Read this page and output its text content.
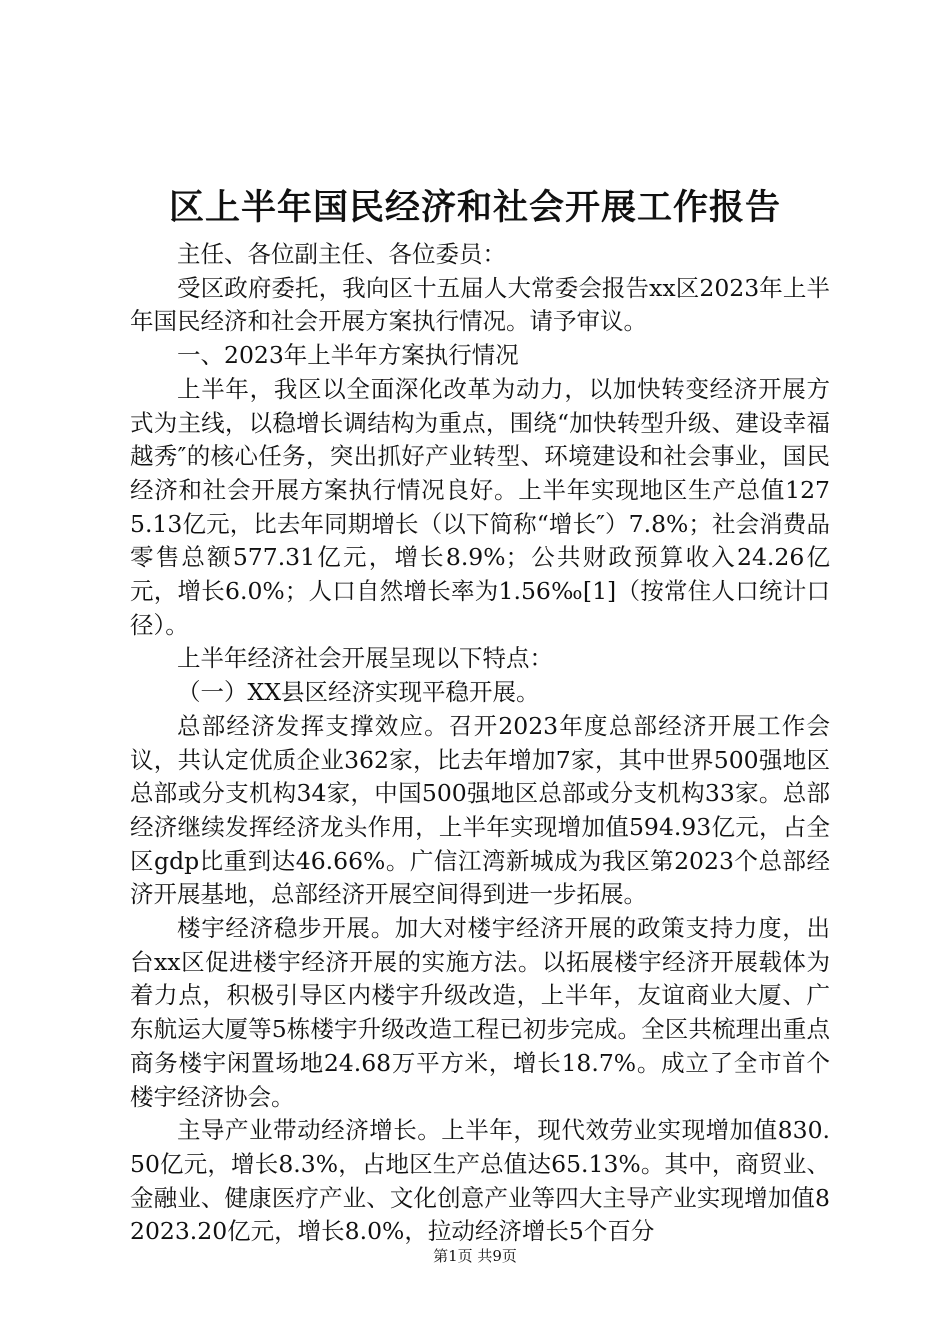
区上半年国民经济和社会开展工作报告

主任、各位副主任、各位委员：

受区政府委托，我向区十五届人大常委会报告xx区2023年上半年国民经济和社会开展方案执行情况。请予审议。

一、2023年上半年方案执行情况

上半年，我区以全面深化改革为动力，以加快转变经济开展方式为主线，以稳增长调结构为重点，围绕“加快转型升级、建设幸福越秀″的核心任务，突出抓好产业转型、环境建设和社会事业，国民经济和社会开展方案执行情况良好。上半年实现地区生产总值1275.13亿元，比去年同期增长（以下简称“增长″）7.8%；社会消费品零售总额577.31亿元，增长8.9%；公共财政预算收入24.26亿元，增长6.0%；人口自然增长率为1.56‰[1]（按常住人口统计口径）。

上半年经济社会开展呈现以下特点：

（一）XX县区经济实现平稳开展。

总部经济发挥支撑效应。召开2023年度总部经济开展工作会议，共认定优质企业362家，比去年增加7家，其中世界500强地区总部或分支机构34家，中国500强地区总部或分支机构33家。总部经济继续发挥经济龙头作用，上半年实现增加值594.93亿元，占全区gdp比重到达46.66%。广信江湾新城成为我区第2023个总部经济开展基地，总部经济开展空间得到进一步拓展。

楼宇经济稳步开展。加大对楼宇经济开展的政策支持力度，出台xx区促进楼宇经济开展的实施方法。以拓展楼宇经济开展载体为着力点，积极引导区内楼宇升级改造，上半年，友谊商业大厦、广东航运大厦等5栋楼宇升级改造工程已初步完成。全区共梳理出重点商务楼宇闲置场地24.68万平方米，增长18.7%。成立了全市首个楼宇经济协会。

主导产业带动经济增长。上半年，现代效劳业实现增加值830.50亿元，增长8.3%，占地区生产总值达65.13%。其中，商贸业、金融业、健康医疗产业、文化创意产业等四大主导产业实现增加值82023.20亿元，增长8.0%，拉动经济增长5个百分

第1页 共9页
